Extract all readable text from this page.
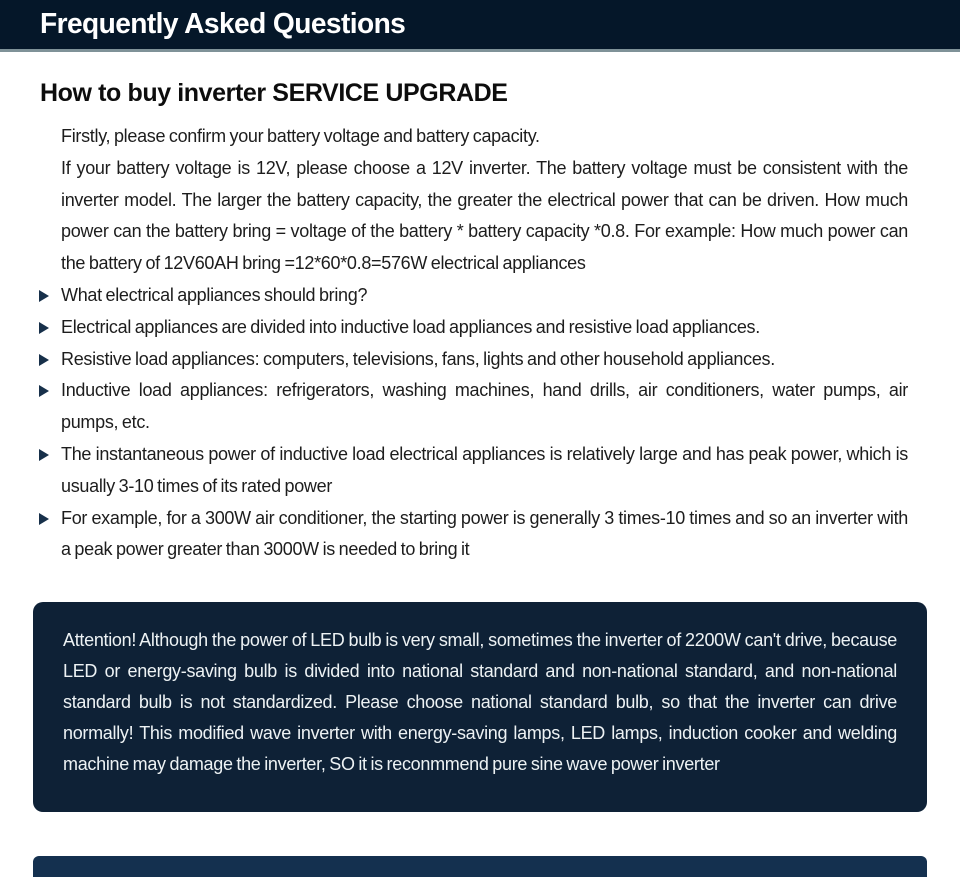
Frequently Asked Questions
How to buy inverter SERVICE UPGRADE

Firstly, please confirm your battery voltage and battery capacity.

If your battery voltage is 12V, please choose a 12V inverter. The battery voltage must be consistent with the inverter model. The larger the battery capacity, the greater the electrical power that can be driven. How much power can the battery bring = voltage of the battery * battery capacity *0.8. For example: How much power can the battery of 12V60AH bring =12*60*0.8=576W electrical appliances

What electrical appliances should bring?
Electrical appliances are divided into inductive load appliances and resistive load appliances.
Resistive load appliances: computers, televisions, fans, lights and other household appliances.
Inductive load appliances: refrigerators, washing machines, hand drills, air conditioners, water pumps, air pumps, etc.
The instantaneous power of inductive load electrical appliances is relatively large and has peak power, which is usually 3-10 times of its rated power
For example, for a 300W air conditioner, the starting power is generally 3 times-10 times and so an inverter with a peak power greater than 3000W is needed to bring it

Attention! Although the power of LED bulb is very small, sometimes the inverter of 2200W can't drive, because LED or energy-saving bulb is divided into national standard and non-national standard, and non-national standard bulb is not standardized. Please choose national standard bulb, so that the inverter can drive normally! This modified wave inverter with energy-saving lamps, LED lamps, induction cooker and welding machine may damage the inverter, SO it is reconmmend pure sine wave power inverter
